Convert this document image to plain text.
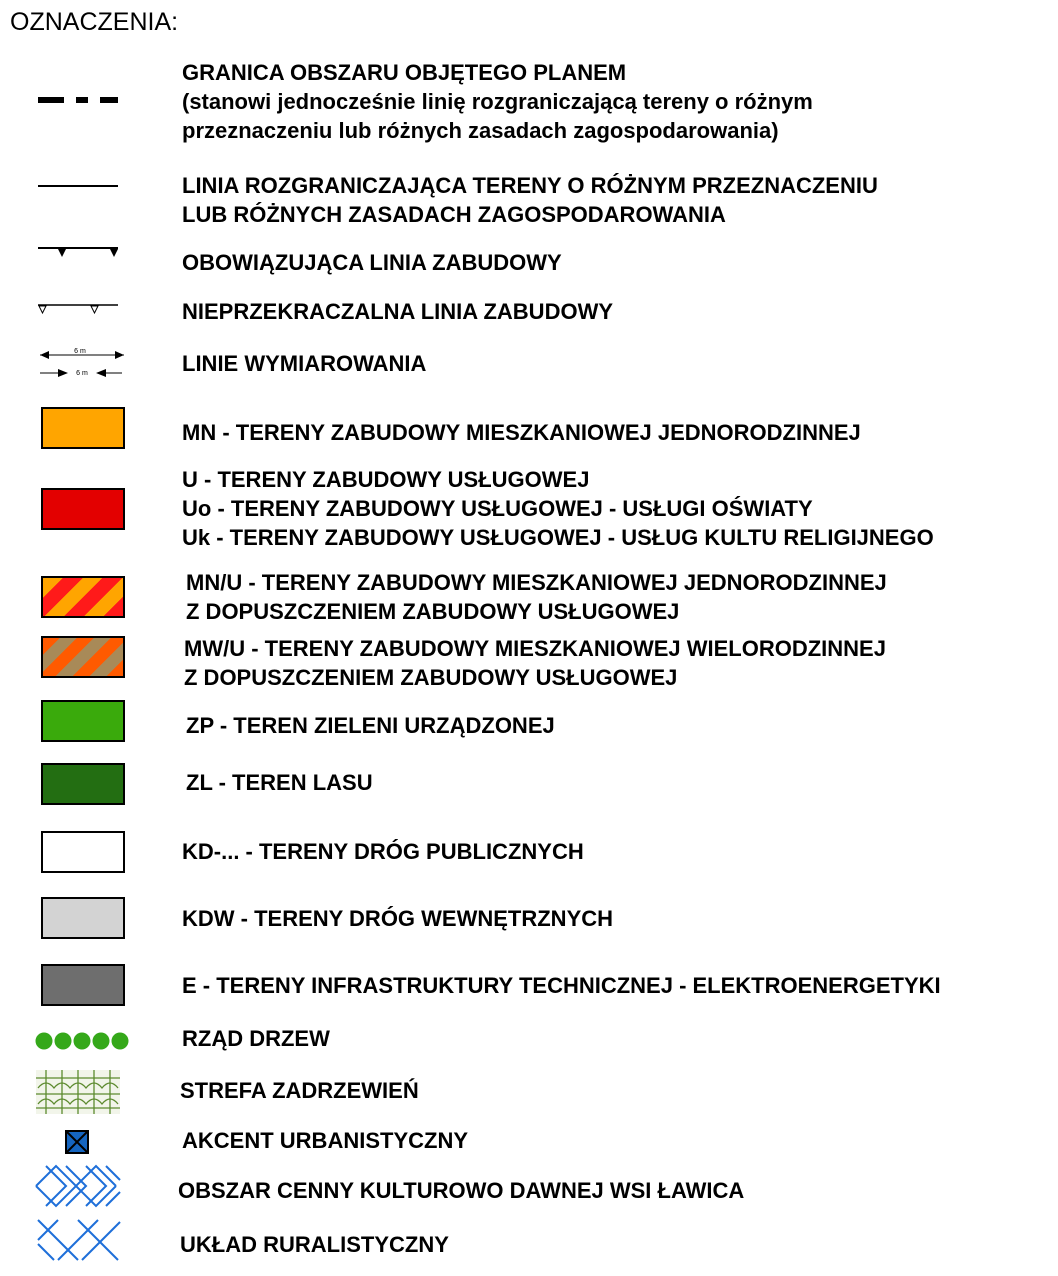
OZNACZENIA:
GRANICA OBSZARU OBJĘTEGO PLANEM
(stanowi jednocześnie linię rozgraniczającą tereny o różnym
przeznaczeniu lub różnych zasadach zagospodarowania)
LINIA ROZGRANICZAJĄCA TERENY O RÓŻNYM PRZEZNACZENIU
LUB RÓŻNYCH ZASADACH ZAGOSPODAROWANIA
OBOWIĄZUJĄCA LINIA ZABUDOWY
NIEPRZEKRACZALNA LINIA ZABUDOWY
6 m
6 m	LINIE WYMIAROWANIA
MN - TERENY ZABUDOWY MIESZKANIOWEJ JEDNORODZINNEJ
U - TERENY ZABUDOWY USŁUGOWEJ
Uo - TERENY ZABUDOWY USŁUGOWEJ - USŁUGI OŚWIATY
Uk - TERENY ZABUDOWY USŁUGOWEJ - USŁUG KULTU RELIGIJNEGO
MN/U - TERENY ZABUDOWY MIESZKANIOWEJ JEDNORODZINNEJ
Z DOPUSZCZENIEM ZABUDOWY USŁUGOWEJ
MW/U - TERENY ZABUDOWY MIESZKANIOWEJ WIELORODZINNEJ
Z DOPUSZCZENIEM ZABUDOWY USŁUGOWEJ
ZP - TEREN ZIELENI URZĄDZONEJ
ZL - TEREN LASU
KD-... - TERENY DRÓG PUBLICZNYCH
KDW - TERENY DRÓG WEWNĘTRZNYCH
E - TERENY INFRASTRUKTURY TECHNICZNEJ - ELEKTROENERGETYKI
RZĄD DRZEW
STREFA ZADRZEWIEŃ
AKCENT URBANISTYCZNY
OBSZAR CENNY KULTUROWO DAWNEJ WSI ŁAWICA
UKŁAD RURALISTYCZNY
